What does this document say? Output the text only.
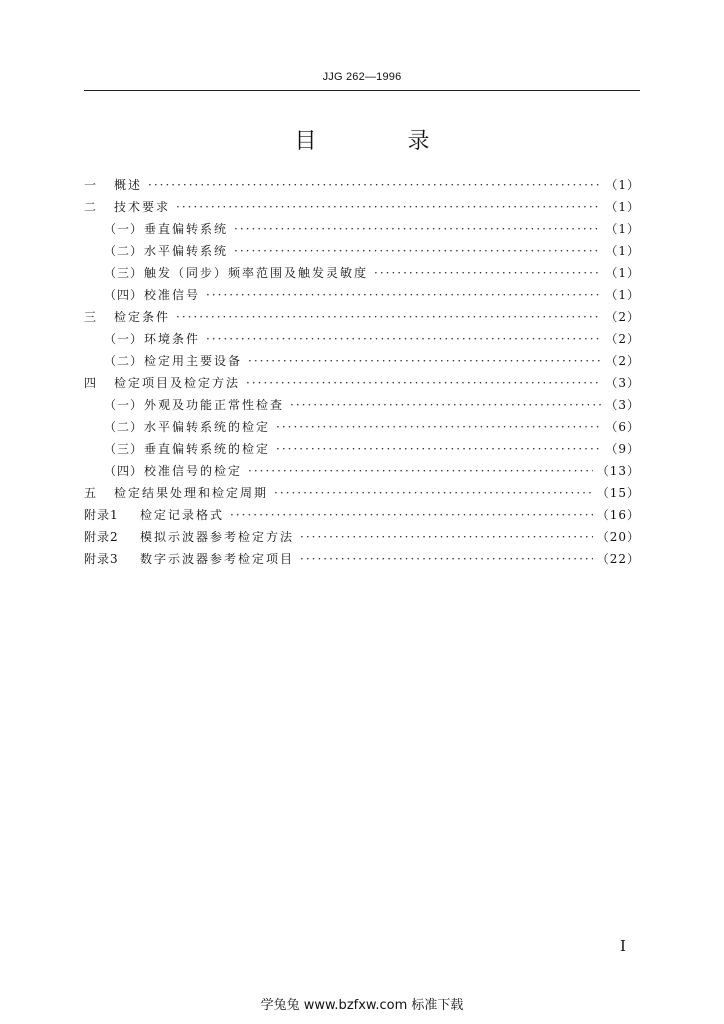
JJG 262—1996
目 录
一	概述 ·····	（1）
二	技术要求 ·····	（1）
（一） 垂直偏转系统 ·····	（1）
（二） 水平偏转系统 ·····	（1）
（三） 触发（同步）频率范围及触发灵敏度 ·····	（1）
（四） 校准信号 ·····	（1）
三	检定条件 ·····	（2）
（一） 环境条件 ·····	（2）
（二） 检定用主要设备 ·····	（2）
四	检定项目及检定方法 ·····	（3）
（一） 外观及功能正常性检查 ·····	（3）
（二） 水平偏转系统的检定 ·····	（6）
（三） 垂直偏转系统的检定 ·····	（9）
（四） 校准信号的检定 ·····	（13）
五	检定结果处理和检定周期 ·····	（15）
附录1	检定记录格式 ·····	（16）
附录2	模拟示波器参考检定方法 ·····	（20）
附录3	数字示波器参考检定项目 ·····	（22）
I
学兔兔 www.bzfxw.com 标准下载
